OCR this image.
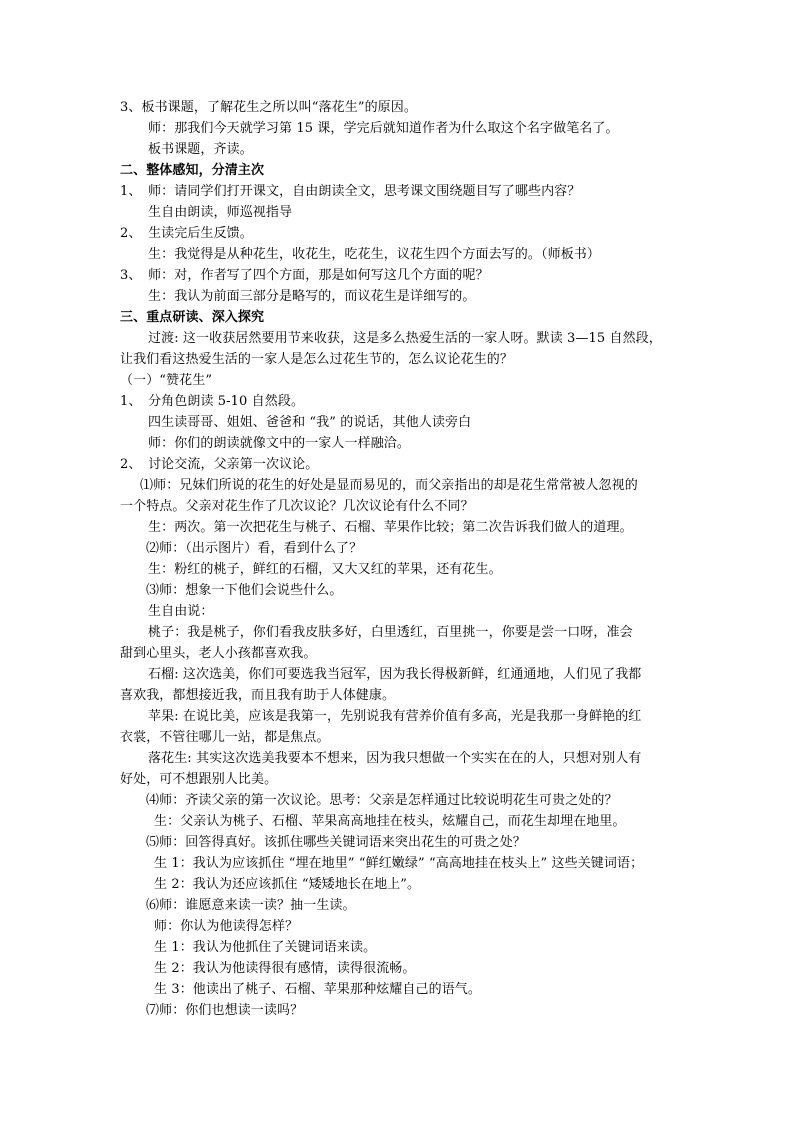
3、板书课题，了解花生之所以叫“落花生”的原因。
师：那我们今天就学习第 15 课，学完后就知道作者为什么取这个名字做笔名了。
板书课题，齐读。
二、整体感知，分清主次
1、　师：请同学们打开课文，自由朗读全文，思考课文围绕题目写了哪些内容？
生自由朗读，师巡视指导
2、　生读完后生反馈。
生：我觉得是从种花生，收花生，吃花生，议花生四个方面去写的。（师板书）
3、　师：对，作者写了四个方面，那是如何写这几个方面的呢？
生：我认为前面三部分是略写的，而议花生是详细写的。
三、重点研读、深入探究
过渡: 这一收获居然要用节来收获，这是多么热爱生活的一家人呀。默读 3—15 自然段，
让我们看这热爱生活的一家人是怎么过花生节的，怎么议论花生的？
（一）“赞花生”
1、　分角色朗读 5-10 自然段。
四生读哥哥、姐姐、爸爸和 “我” 的说话，其他人读旁白
师：你们的朗读就像文中的一家人一样融洽。
2、　讨论交流，父亲第一次议论。
⑴师：兄妹们所说的花生的好处是显而易见的，而父亲指出的却是花生常常被人忽视的
一个特点。父亲对花生作了几次议论？几次议论有什么不同？
生：两次。第一次把花生与桃子、石榴、苹果作比较；第二次告诉我们做人的道理。
⑵师：（出示图片）看，看到什么了？
生：粉红的桃子，鲜红的石榴，又大又红的苹果，还有花生。
⑶师：想象一下他们会说些什么。
生自由说：
桃子：我是桃子，你们看我皮肤多好，白里透红，百里挑一，你要是尝一口呀，准会
甜到心里头，老人小孩都喜欢我。
石榴: 这次选美，你们可要选我当冠军，因为我长得极新鲜，红通通地，人们见了我都
喜欢我，都想接近我，而且我有助于人体健康。
苹果: 在说比美，应该是我第一，先别说我有营养价值有多高，光是我那一身鲜艳的红
衣裳，不管往哪儿一站，都是焦点。
落花生: 其实这次选美我要本不想来，因为我只想做一个实实在在的人，只想对别人有
好处，可不想跟别人比美。
⑷师：齐读父亲的第一次议论。思考：父亲是怎样通过比较说明花生可贵之处的？
生：父亲认为桃子、石榴、苹果高高地挂在枝头，炫耀自己，而花生却埋在地里。
⑸师：回答得真好。该抓住哪些关键词语来突出花生的可贵之处？
生 1：我认为应该抓住 “埋在地里” “鲜红嫩绿” “高高地挂在枝头上” 这些关键词语；
生 2：我认为还应该抓住 “矮矮地长在地上”。
⑹师：谁愿意来读一读？抽一生读。
师：你认为他读得怎样？
生 1：我认为他抓住了关键词语来读。
生 2：我认为他读得很有感情，读得很流畅。
生 3：他读出了桃子、石榴、苹果那种炫耀自己的语气。
⑺师：你们也想读一读吗？
